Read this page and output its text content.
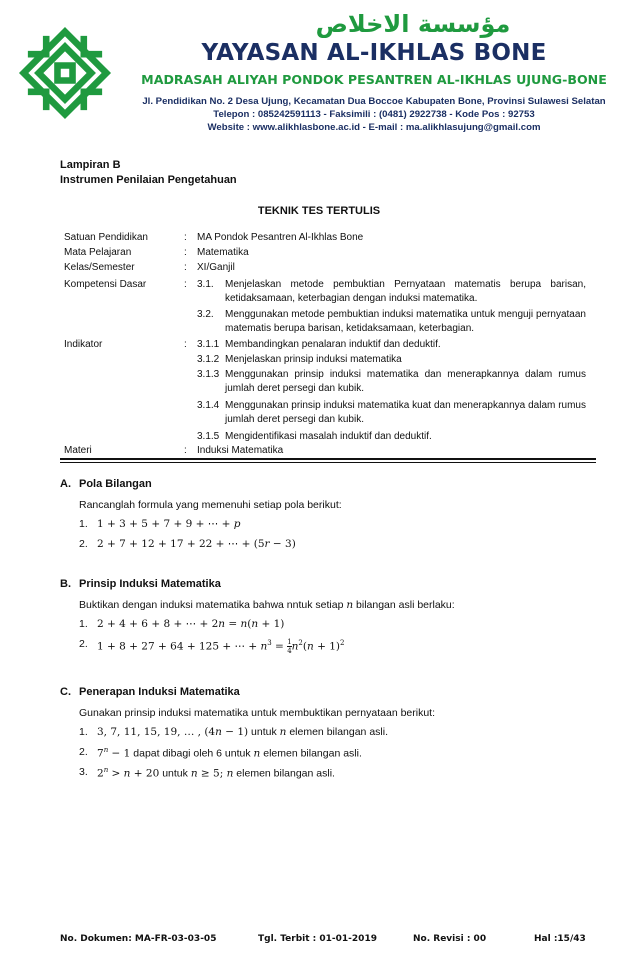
مؤسسة الاخلاص
YAYASAN AL-IKHLAS BONE
MADRASAH ALIYAH PONDOK PESANTREN AL-IKHLAS UJUNG-BONE
Jl. Pendidikan No. 2 Desa Ujung, Kecamatan Dua Boccoe Kabupaten Bone, Provinsi Sulawesi Selatan
Telepon : 085242591113 - Faksimili : (0481) 2922738 - Kode Pos : 92753
Website : www.alikhlasbone.ac.id - E-mail : ma.alikhlasujung@gmail.com
Lampiran B
Instrumen Penilaian Pengetahuan
TEKNIK TES TERTULIS
Satuan Pendidikan	: MA Pondok Pesantren Al-Ikhlas Bone
Mata Pelajaran	: Matematika
Kelas/Semester	: XI/Ganjil
Kompetensi Dasar	: 3.1. Menjelaskan metode pembuktian Pernyataan matematis berupa barisan, ketidaksamaan, keterbagian dengan induksi matematika.
3.2. Menggunakan metode pembuktian induksi matematika untuk menguji pernyataan matematis berupa barisan, ketidaksamaan, keterbagian.
Indikator	: 3.1.1 Membandingkan penalaran induktif dan deduktif.
3.1.2 Menjelaskan prinsip induksi matematika
3.1.3 Menggunakan prinsip induksi matematika dan menerapkannya dalam rumus jumlah deret persegi dan kubik.
3.1.4 Menggunakan prinsip induksi matematika kuat dan menerapkannya dalam rumus jumlah deret persegi dan kubik.
3.1.5 Mengidentifikasi masalah induktif dan deduktif.
Materi	: Induksi Matematika
A. Pola Bilangan
Rancanglah formula yang memenuhi setiap pola berikut:
1. 1 + 3 + 5 + 7 + 9 + ⋯ + 𝑝
2. 2 + 7 + 12 + 17 + 22 + ⋯ + (5𝑟 − 3)
B. Prinsip Induksi Matematika
Buktikan dengan induksi matematika bahwa nntuk setiap 𝑛 bilangan asli berlaku:
1. 2 + 4 + 6 + 8 + ⋯ + 2𝑛 = 𝑛(𝑛 + 1)
2. 1 + 8 + 27 + 64 + 125 + ⋯ + 𝑛$^3$ = $\frac{1}{4}$ 𝑛$^2$(𝑛 + 1)$^2$
C. Penerapan Induksi Matematika
Gunakan prinsip induksi matematika untuk membuktikan pernyataan berikut:
1. 3, 7, 11, 15, 19, … , (4𝑛 − 1) untuk 𝑛 elemen bilangan asli.
2. $7^𝑛 - 1$ dapat dibagi oleh 6 untuk 𝑛 elemen bilangan asli.
3. $2^𝑛$ > 𝑛 + 20 untuk 𝑛 ≥ 5; 𝑛 elemen bilangan asli.
No. Dokumen: MA-FR-03-03-05	Tgl. Terbit : 01-01-2019	No. Revisi : 00	Hal :15/43
